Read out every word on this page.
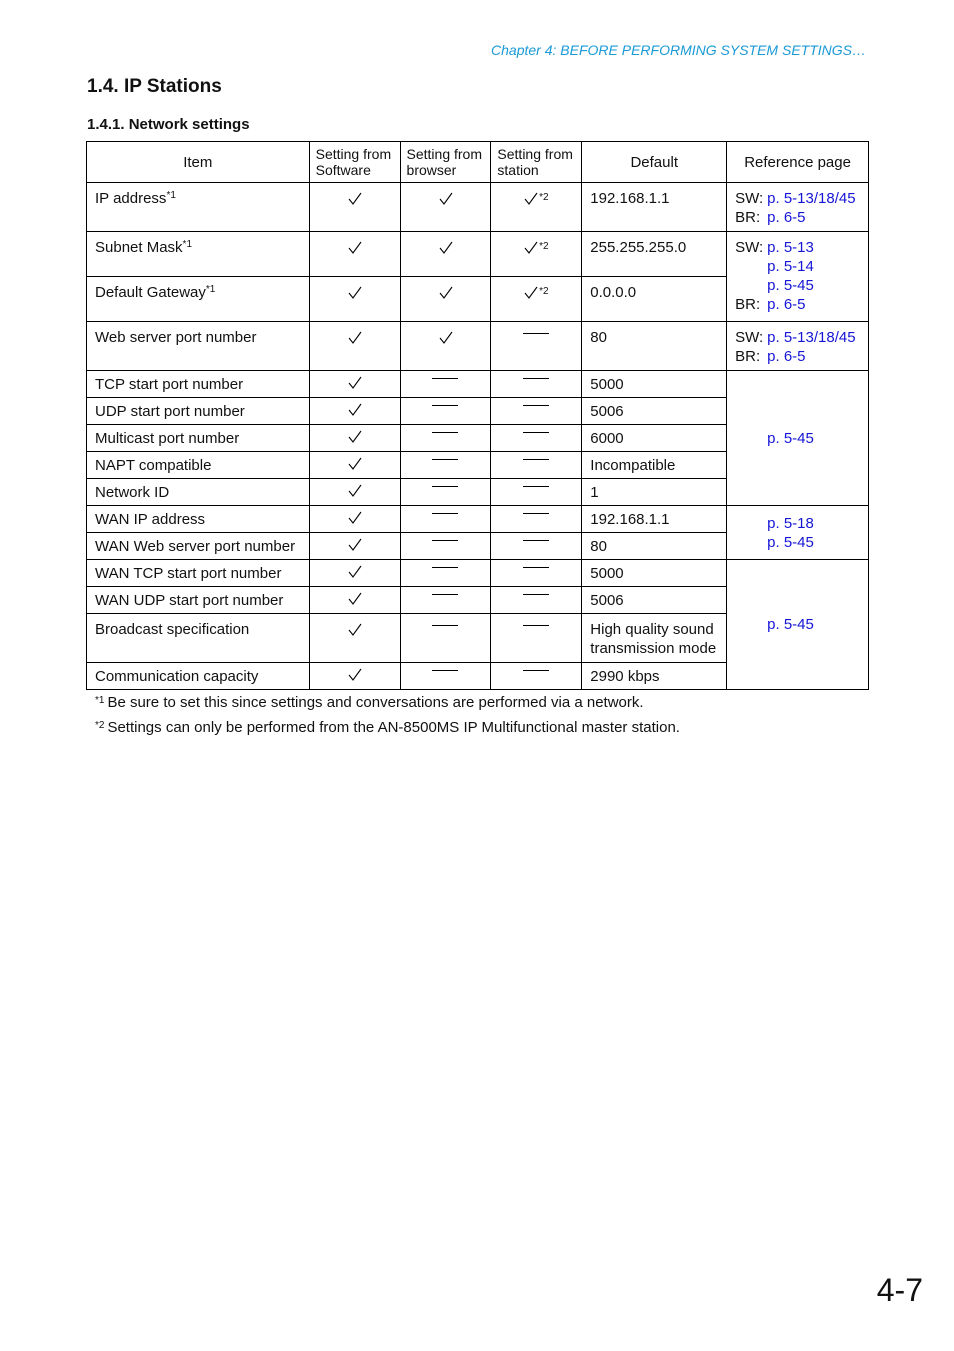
Chapter 4: BEFORE PERFORMING SYSTEM SETTINGS…
1.4. IP Stations
1.4.1. Network settings
Item	Setting from Software	Setting from browser	Setting from station	Default	Reference page
IP address$^{*1}$			$^{*2}$	192.168.1.1	SW: p. 5-13/18/45
BR: p. 6-5

Subnet Mask$^{*1}$			$^{*2}$	255.255.255.0	SW: p. 5-13
p. 5-14
p. 5-45
BR: p. 6-5

Default Gateway$^{*1}$			$^{*2}$	0.0.0.0	
Web server port number				80	SW: p. 5-13/18/45
BR: p. 6-5

TCP start port number				5000	p. 5-45
UDP start port number				5006	
Multicast port number				6000	
NAPT compatible				Incompatible	
Network ID				1	
WAN IP address				192.168.1.1	p. 5-18
p. 5-45

WAN Web server port number				80	
WAN TCP start port number				5000	p. 5-45
WAN UDP start port number				5006	
Broadcast specification				High quality sound
transmission mode	

Communication capacity				2990 kbps	
$^{*1}$ Be sure to set this since settings and conversations are performed via a network.
$^{*2}$ Settings can only be performed from the AN-8500MS IP Multifunctional master station.
4-7
